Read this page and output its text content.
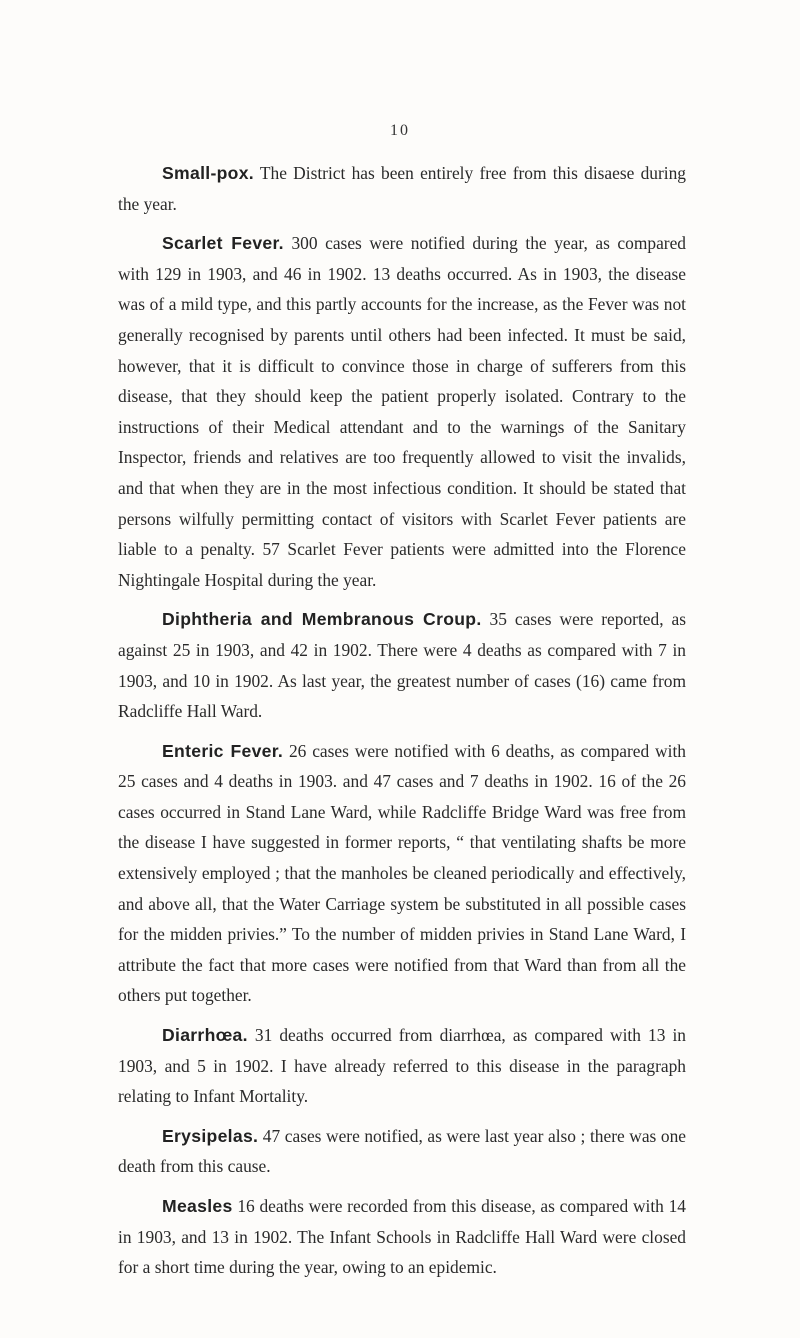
10

Small-pox. The District has been entirely free from this disaese during the year.

Scarlet Fever. 300 cases were notified during the year, as compared with 129 in 1903, and 46 in 1902. 13 deaths occurred. As in 1903, the disease was of a mild type, and this partly accounts for the increase, as the Fever was not generally recognised by parents until others had been infected. It must be said, however, that it is difficult to convince those in charge of sufferers from this disease, that they should keep the patient properly isolated. Contrary to the instructions of their Medical attendant and to the warnings of the Sanitary Inspector, friends and relatives are too frequently allowed to visit the invalids, and that when they are in the most infectious condition. It should be stated that persons wilfully permitting contact of visitors with Scarlet Fever patients are liable to a penalty. 57 Scarlet Fever patients were admitted into the Florence Nightingale Hospital during the year.

Diphtheria and Membranous Croup. 35 cases were reported, as against 25 in 1903, and 42 in 1902. There were 4 deaths as compared with 7 in 1903, and 10 in 1902. As last year, the greatest number of cases (16) came from Radcliffe Hall Ward.

Enteric Fever. 26 cases were notified with 6 deaths, as compared with 25 cases and 4 deaths in 1903. and 47 cases and 7 deaths in 1902. 16 of the 26 cases occurred in Stand Lane Ward, while Radcliffe Bridge Ward was free from the disease I have suggested in former reports, “ that ventilating shafts be more extensively employed ; that the manholes be cleaned periodically and effectively, and above all, that the Water Carriage system be substituted in all possible cases for the midden privies.” To the number of midden privies in Stand Lane Ward, I attribute the fact that more cases were notified from that Ward than from all the others put together.

Diarrhœa. 31 deaths occurred from diarrhœa, as compared with 13 in 1903, and 5 in 1902. I have already referred to this disease in the paragraph relating to Infant Mortality.

Erysipelas. 47 cases were notified, as were last year also ; there was one death from this cause.

Measles 16 deaths were recorded from this disease, as compared with 14 in 1903, and 13 in 1902. The Infant Schools in Radcliffe Hall Ward were closed for a short time during the year, owing to an epidemic.
